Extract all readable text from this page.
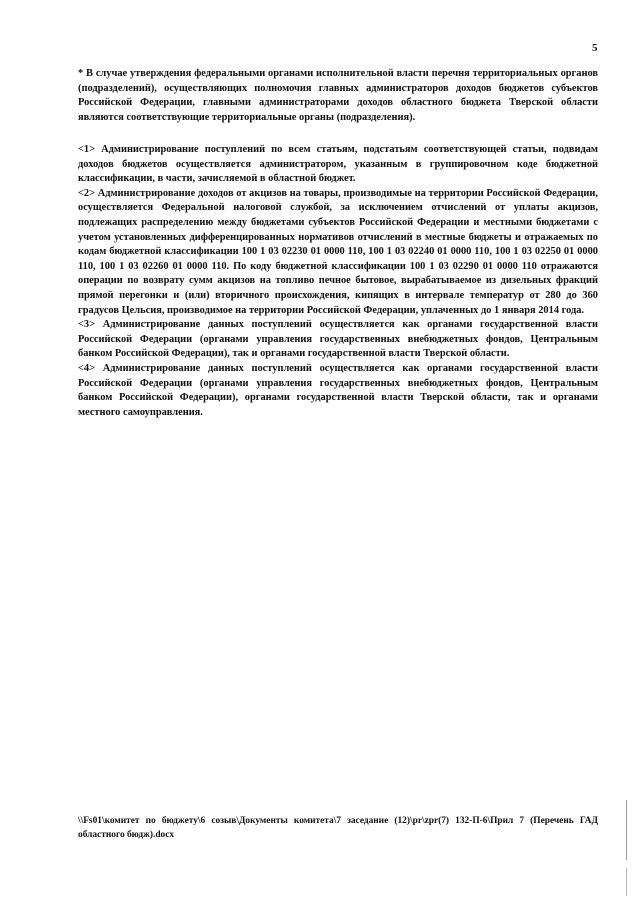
5

* В случае утверждения федеральными органами исполнительной власти перечня территориальных органов (подразделений), осуществляющих полномочия главных администраторов доходов бюджетов субъектов Российской Федерации, главными администраторами доходов областного бюджета Тверской области являются соответствующие территориальные органы (подразделения).

<1> Администрирование поступлений по всем статьям, подстатьям соответствующей статьи, подвидам доходов бюджетов осуществляется администратором, указанным в группировочном коде бюджетной классификации, в части, зачисляемой в областной бюджет.

<2> Администрирование доходов от акцизов на товары, производимые на территории Российской Федерации, осуществляется Федеральной налоговой службой, за исключением отчислений от уплаты акцизов, подлежащих распределению между бюджетами субъектов Российской Федерации и местными бюджетами с учетом установленных дифференцированных нормативов отчислений в местные бюджеты и отражаемых по кодам бюджетной классификации 100 1 03 02230 01 0000 110, 100 1 03 02240 01 0000 110, 100 1 03 02250 01 0000 110, 100 1 03 02260 01 0000 110. По коду бюджетной классификации 100 1 03 02290 01 0000 110 отражаются операции по возврату сумм акцизов на топливо печное бытовое, вырабатываемое из дизельных фракций прямой перегонки и (или) вторичного происхождения, кипящих в интервале температур от 280 до 360 градусов Цельсия, производимое на территории Российской Федерации, уплаченных до 1 января 2014 года.

<3> Администрирование данных поступлений осуществляется как органами государственной власти Российской Федерации (органами управления государственных внебюджетных фондов, Центральным банком Российской Федерации), так и органами государственной власти Тверской области.

<4> Администрирование данных поступлений осуществляется как органами государственной власти Российской Федерации (органами управления государственных внебюджетных фондов, Центральным банком Российской Федерации), органами государственной власти Тверской области, так и органами местного самоуправления.

\\Fs01\комитет по бюджету\6 созыв\Документы комитета\7 заседание (12)\pr\zpr(7) 132-П-6\Прил 7 (Перечень ГАД областного бюдж).docx
